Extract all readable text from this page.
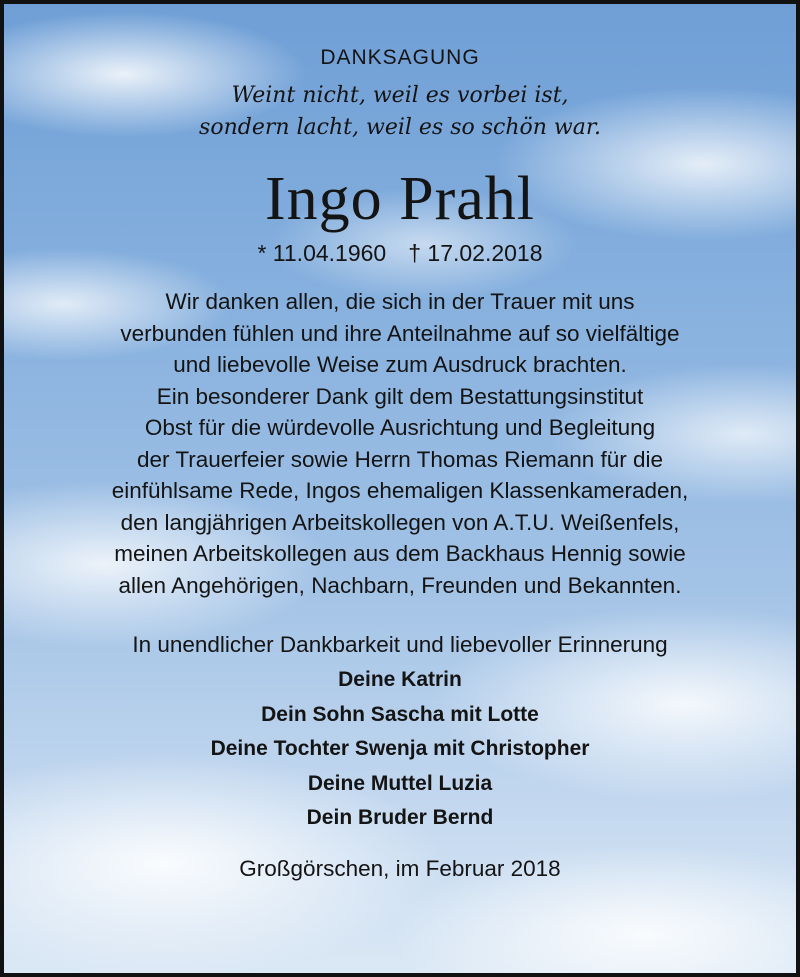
DANKSAGUNG
Weint nicht, weil es vorbei ist,
sondern lacht, weil es so schön war.
Ingo Prahl
* 11.04.1960 † 17.02.2018
Wir danken allen, die sich in der Trauer mit uns
verbunden fühlen und ihre Anteilnahme auf so vielfältige
und liebevolle Weise zum Ausdruck brachten.
Ein besonderer Dank gilt dem Bestattungsinstitut
Obst für die würdevolle Ausrichtung und Begleitung
der Trauerfeier sowie Herrn Thomas Riemann für die
einfühlsame Rede, Ingos ehemaligen Klassenkameraden,
den langjährigen Arbeitskollegen von A.T.U. Weißenfels,
meinen Arbeitskollegen aus dem Backhaus Hennig sowie
allen Angehörigen, Nachbarn, Freunden und Bekannten.
In unendlicher Dankbarkeit und liebevoller Erinnerung
Deine Katrin
Dein Sohn Sascha mit Lotte
Deine Tochter Swenja mit Christopher
Deine Muttel Luzia
Dein Bruder Bernd
Großgörschen, im Februar 2018
